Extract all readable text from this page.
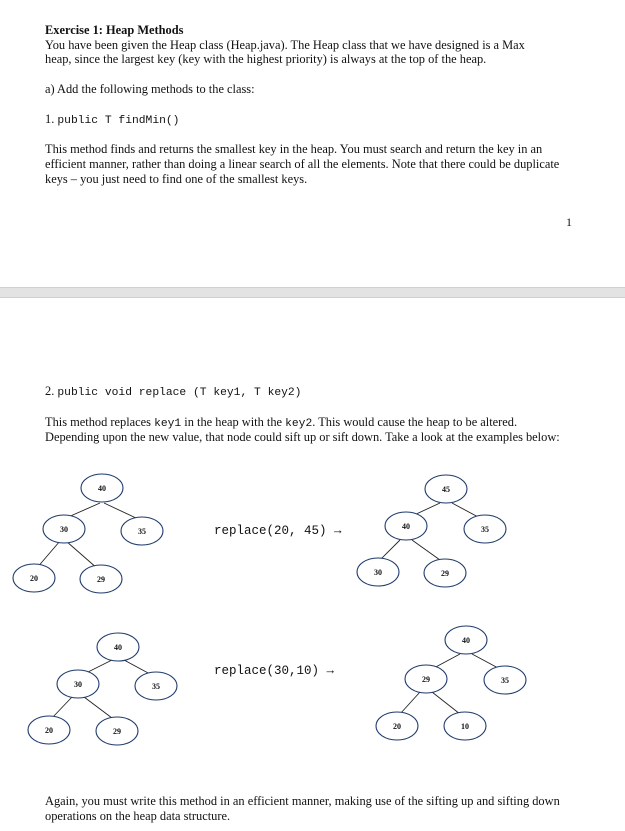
Exercise 1: Heap Methods
You have been given the Heap class (Heap.java). The Heap class that we have designed is a Max
heap, since the largest key (key with the highest priority) is always at the top of the heap.
a) Add the following methods to the class:
1. public T findMin()
This method finds and returns the smallest key in the heap. You must search and return the key in an
efficient manner, rather than doing a linear search of all the elements. Note that there could be duplicate
keys – you just need to find one of the smallest keys.
1
2. public void replace (T key1, T key2)
This method replaces key1 in the heap with the key2. This would cause the heap to be altered.
Depending upon the new value, that node could sift up or sift down. Take a look at the examples below:
replace(20, 45) →
replace(30,10) →
Again, you must write this method in an efficient manner, making use of the sifting up and sifting down
operations on the heap data structure.
40
30	35
20	29
45
40	35
30	29
40
30	35
20	29
40
29	35
20	10
